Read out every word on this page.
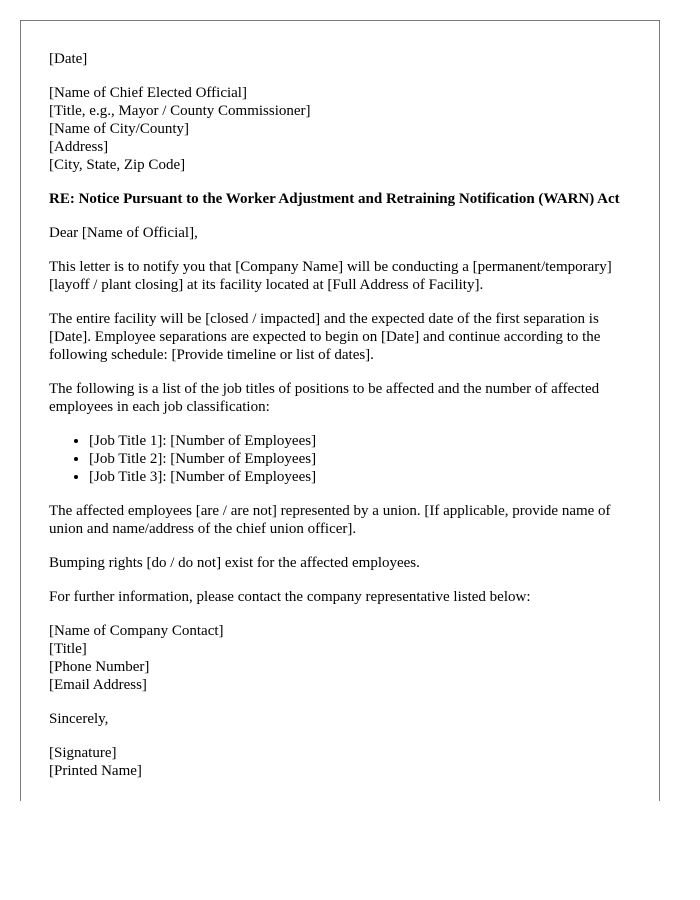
[Date]
[Name of Chief Elected Official]
[Title, e.g., Mayor / County Commissioner]
[Name of City/County]
[Address]
[City, State, Zip Code]
RE: Notice Pursuant to the Worker Adjustment and Retraining Notification (WARN) Act
Dear [Name of Official],
This letter is to notify you that [Company Name] will be conducting a [permanent/temporary] [layoff / plant closing] at its facility located at [Full Address of Facility].
The entire facility will be [closed / impacted] and the expected date of the first separation is [Date]. Employee separations are expected to begin on [Date] and continue according to the following schedule: [Provide timeline or list of dates].
The following is a list of the job titles of positions to be affected and the number of affected employees in each job classification:
• [Job Title 1]: [Number of Employees]
• [Job Title 2]: [Number of Employees]
• [Job Title 3]: [Number of Employees]
The affected employees [are / are not] represented by a union. [If applicable, provide name of union and name/address of the chief union officer].
Bumping rights [do / do not] exist for the affected employees.
For further information, please contact the company representative listed below:
[Name of Company Contact]
[Title]
[Phone Number]
[Email Address]
Sincerely,
[Signature]
[Printed Name]
